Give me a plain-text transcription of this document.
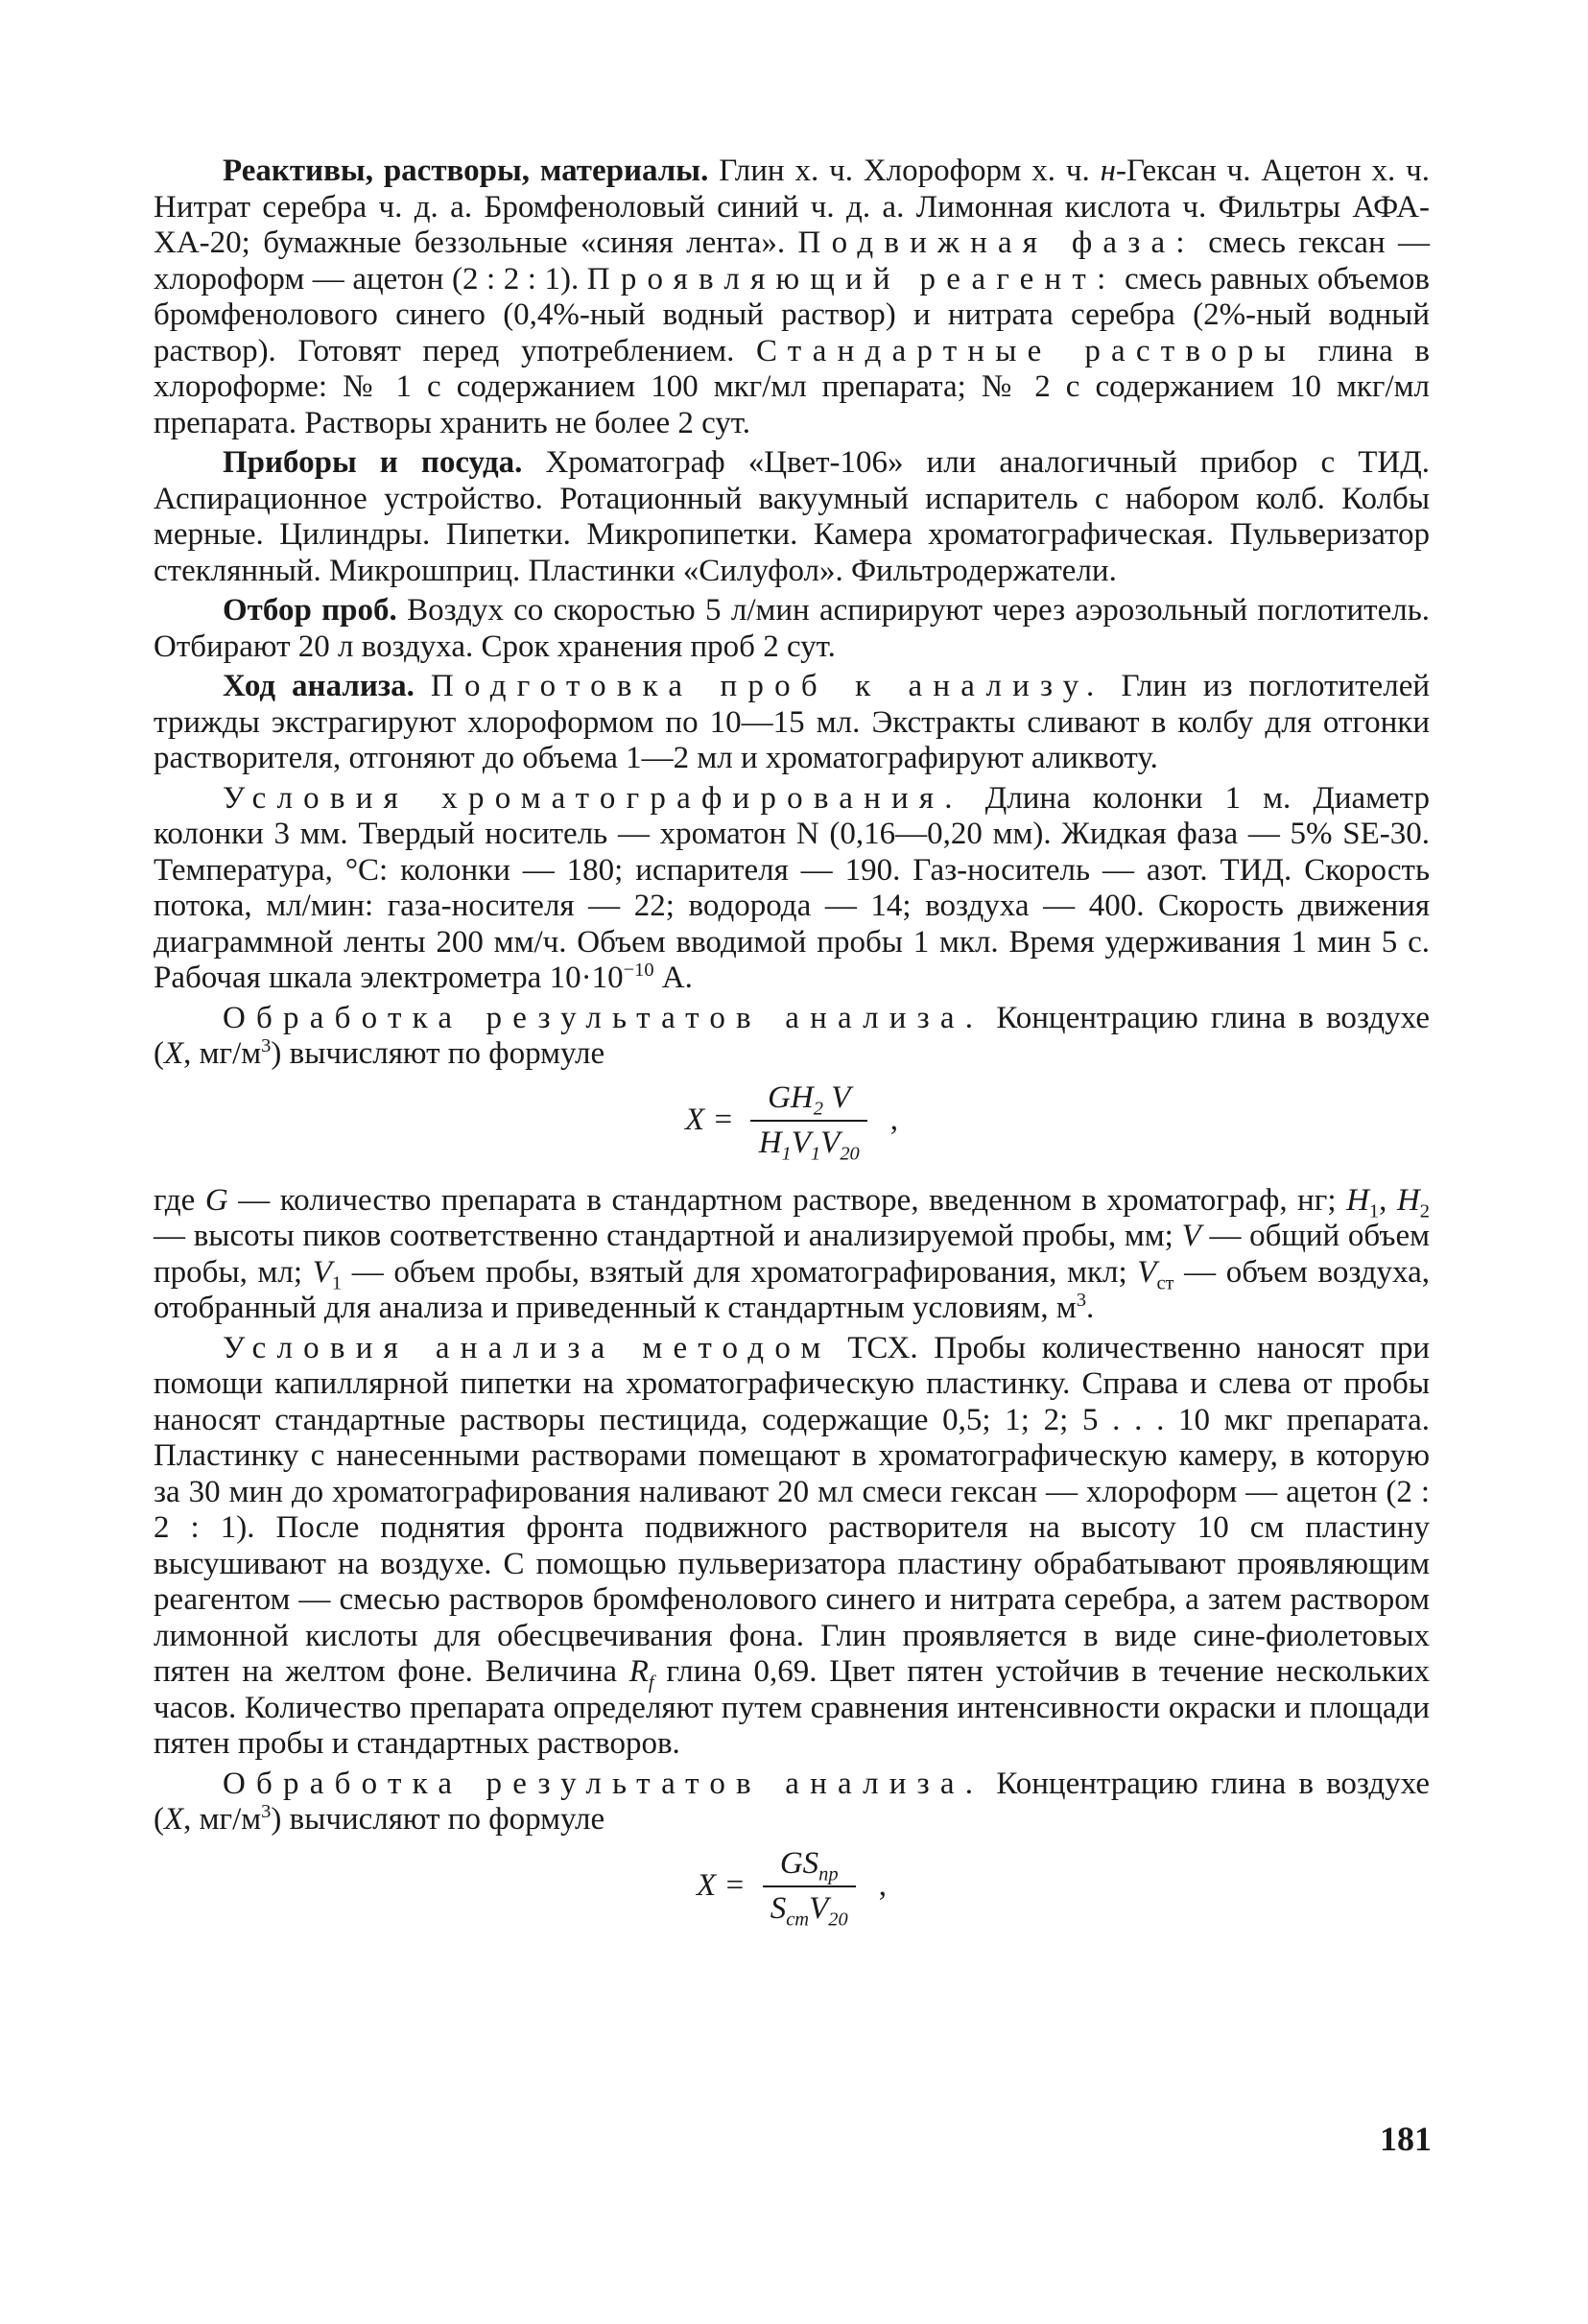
Реактивы, растворы, материалы. Глин х. ч. Хлороформ х. ч. н-Гексан ч. Ацетон х. ч. Нитрат серебра ч. д. а. Бромфеноловый синий ч. д. а. Лимонная кислота ч. Фильтры АФА-ХА-20; бумажные беззольные «синяя лента». Подвижная фаза: смесь гексан — хлороформ — ацетон (2 : 2 : 1). Проявляющий реагент: смесь равных объемов бромфенолового синего (0,4%-ный водный раствор) и нитрата серебра (2%-ный водный раствор). Готовят перед употреблением. Стандартные растворы глина в хлороформе: № 1 с содержанием 100 мкг/мл препарата; № 2 с содержанием 10 мкг/мл препарата. Растворы хранить не более 2 сут.

Приборы и посуда. Хроматограф «Цвет-106» или аналогичный прибор с ТИД. Аспирационное устройство. Ротационный вакуумный испаритель с набором колб. Колбы мерные. Цилиндры. Пипетки. Микропипетки. Камера хроматографическая. Пульверизатор стеклянный. Микрошприц. Пластинки «Силуфол». Фильтродержатели.

Отбор проб. Воздух со скоростью 5 л/мин аспирируют через аэрозольный поглотитель. Отбирают 20 л воздуха. Срок хранения проб 2 сут.

Ход анализа. Подготовка проб к анализу. Глин из поглотителей трижды экстрагируют хлороформом по 10—15 мл. Экстракты сливают в колбу для отгонки растворителя, отгоняют до объема 1—2 мл и хроматографируют аликвоту.

Условия хроматографирования. Длина колонки 1 м. Диаметр колонки 3 мм. Твердый носитель — хроматон N (0,16—0,20 мм). Жидкая фаза — 5% SE-30. Температура, °С: колонки — 180; испарителя — 190. Газ-носитель — азот. ТИД. Скорость потока, мл/мин: газа-носителя — 22; водорода — 14; воздуха — 400. Скорость движения диаграммной ленты 200 мм/ч. Объем вводимой пробы 1 мкл. Время удерживания 1 мин 5 с. Рабочая шкала электрометра $10\cdot 10^{-10}$ А.

Обработка результатов анализа. Концентрацию глина в воздухе (X, $мг/м^3$) вычисляют по формуле

$X = \frac{GH_2 V}{H_1V_1V_{20}}$ ,

где G — количество препарата в стандартном растворе, введенном в хроматограф, нг; $H_1$, $H_2$ — высоты пиков соответственно стандартной и анализируемой пробы, мм; V — общий объем пробы, мл; $V_1$ — объем пробы, взятый для хроматографирования, мкл; $V_{ст}$ — объем воздуха, отобранный для анализа и приведенный к стандартным условиям, $м^3$.

Условия анализа методом ТСХ. Пробы количественно наносят при помощи капиллярной пипетки на хроматографическую пластинку. Справа и слева от пробы наносят стандартные растворы пестицида, содержащие 0,5; 1; 2; 5 . . . 10 мкг препарата. Пластинку с нанесенными растворами помещают в хроматографическую камеру, в которую за 30 мин до хроматографирования наливают 20 мл смеси гексан — хлороформ — ацетон (2 : 2 : 1). После поднятия фронта подвижного растворителя на высоту 10 см пластину высушивают на воздухе. С помощью пульверизатора пластину обрабатывают проявляющим реагентом — смесью растворов бромфенолового синего и нитрата серебра, а затем раствором лимонной кислоты для обесцвечивания фона. Глин проявляется в виде сине-фиолетовых пятен на желтом фоне. Величина $R_f$ глина 0,69. Цвет пятен устойчив в течение нескольких часов. Количество препарата определяют путем сравнения интенсивности окраски и площади пятен пробы и стандартных растворов.

Обработка результатов анализа. Концентрацию глина в воздухе (X, $мг/м^3$) вычисляют по формуле

$X = \frac{GS_{пр}}{S_{ст}V_{20}}$ ,
181
